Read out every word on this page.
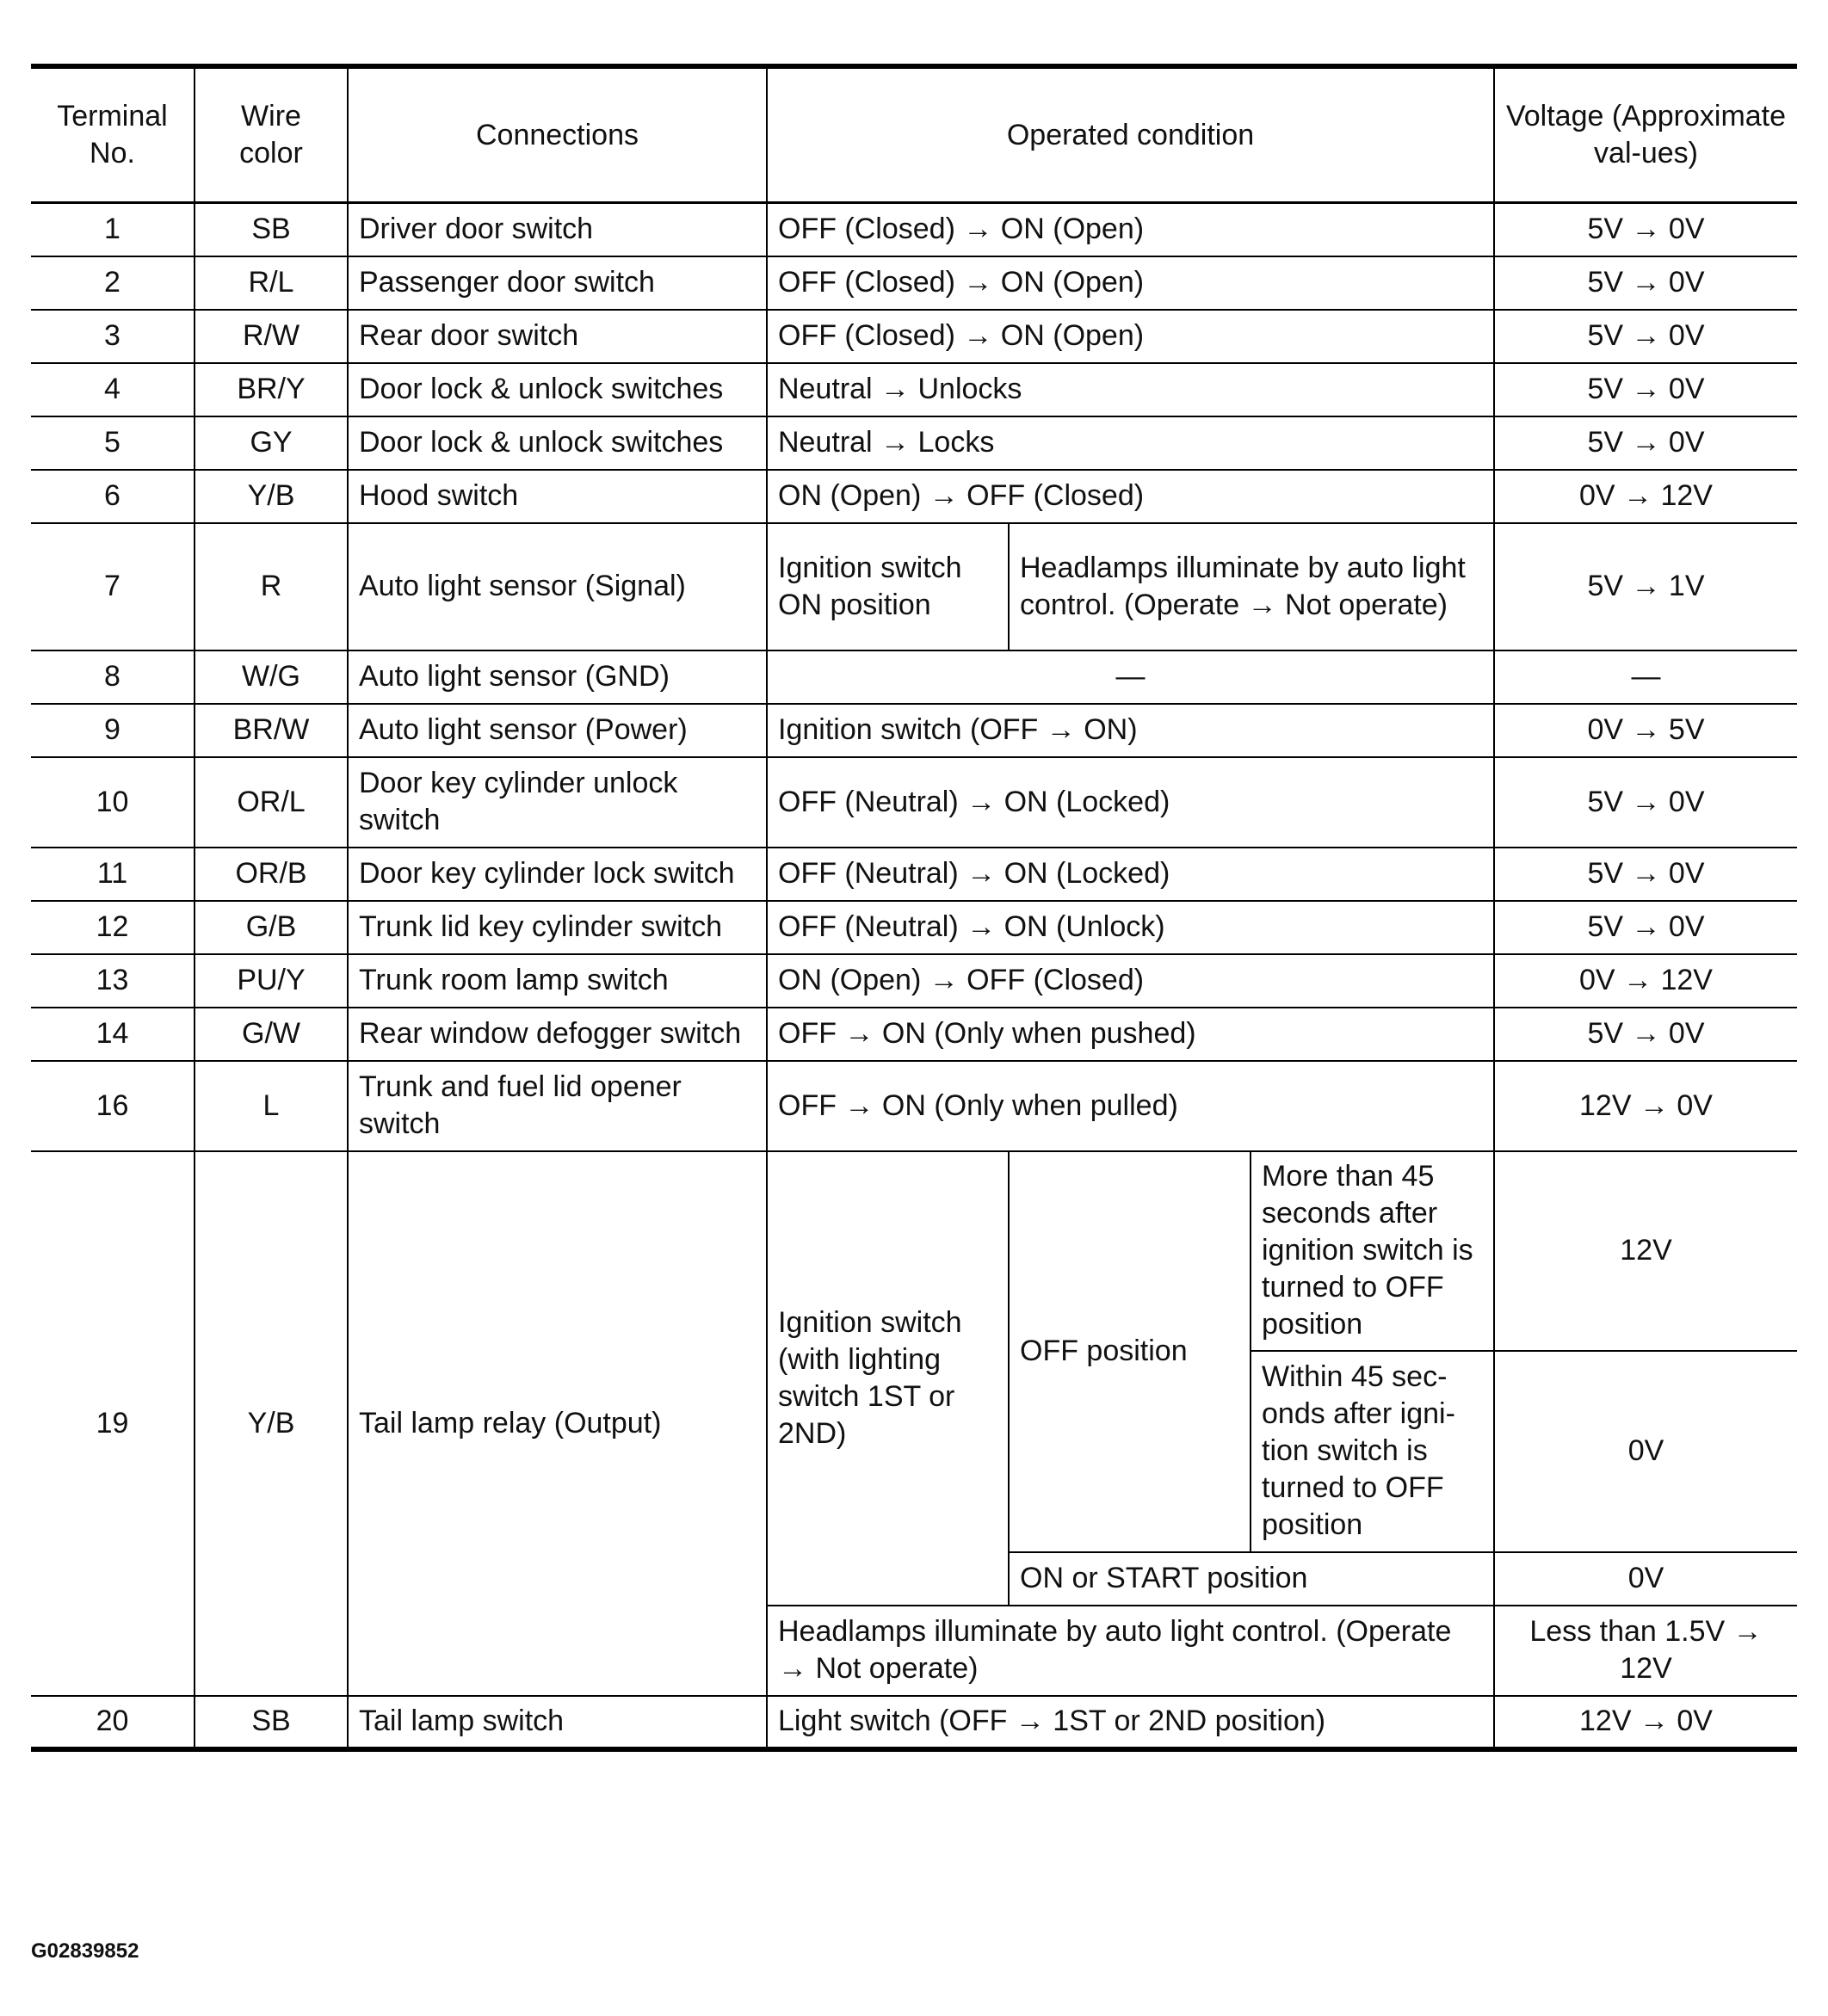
Terminal No.	Wire color	Connections	Operated condition			Voltage (Approximate val-ues)
1	SB	Driver door switch	OFF (Closed) → ON (Open)			5V → 0V
2	R/L	Passenger door switch	OFF (Closed) → ON (Open)			5V → 0V
3	R/W	Rear door switch	OFF (Closed) → ON (Open)			5V → 0V
4	BR/Y	Door lock & unlock switches	Neutral → Unlocks			5V → 0V
5	GY	Door lock & unlock switches	Neutral → Locks			5V → 0V
6	Y/B	Hood switch	ON (Open) → OFF (Closed)			0V → 12V
7	R	Auto light sensor (Signal)	Ignition switch ON position	Headlamps illuminate by auto light control. (Operate → Not operate)		5V → 1V
8	W/G	Auto light sensor (GND)	—			—
9	BR/W	Auto light sensor (Power)	Ignition switch (OFF → ON)			0V → 5V
10	OR/L	Door key cylinder unlock switch	OFF (Neutral) → ON (Locked)			5V → 0V
11	OR/B	Door key cylinder lock switch	OFF (Neutral) → ON (Locked)			5V → 0V
12	G/B	Trunk lid key cylinder switch	OFF (Neutral) → ON (Unlock)			5V → 0V
13	PU/Y	Trunk room lamp switch	ON (Open) → OFF (Closed)			0V → 12V
14	G/W	Rear window defogger switch	OFF → ON (Only when pushed)			5V → 0V
16	L	Trunk and fuel lid opener switch	OFF → ON (Only when pulled)			12V → 0V
19	Y/B	Tail lamp relay (Output)	Ignition switch (with lighting switch 1ST or 2ND)	OFF position	More than 45 seconds after ignition switch is turned to OFF position	12V
					Within 45 sec-onds after igni-tion switch is turned to OFF position	0V
				ON or START position		0V
			Headlamps illuminate by auto light control. (Operate → Not operate)			Less than 1.5V → 12V
20	SB	Tail lamp switch	Light switch (OFF → 1ST or 2ND position)			12V → 0V
G02839852
